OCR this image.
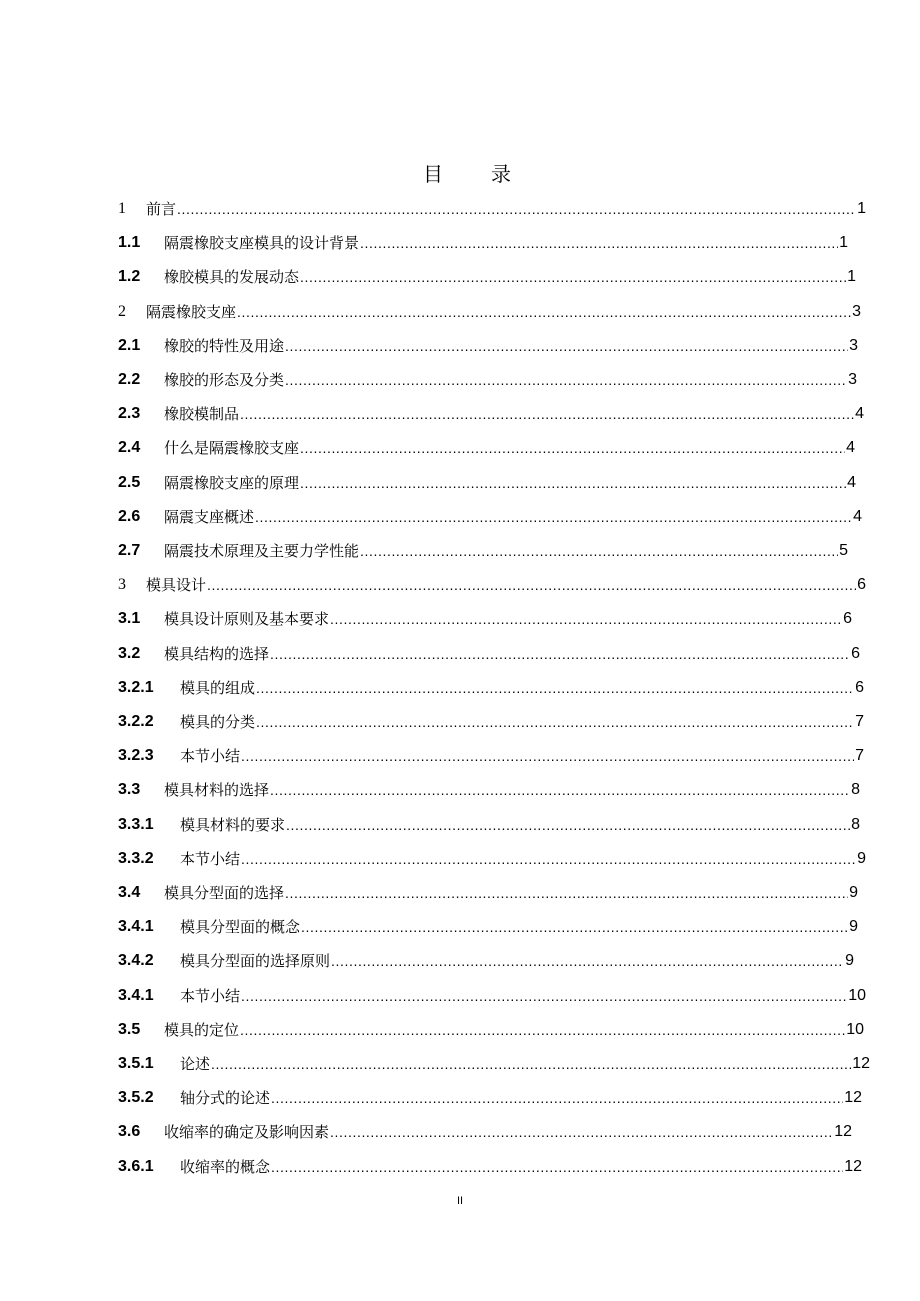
目　录
1	前言 .....	1
1.1	隔震橡胶支座模具的设计背景 .....	1
1.2	橡胶模具的发展动态 .....	1
2	隔震橡胶支座 .....	3
2.1	橡胶的特性及用途 .....	3
2.2	橡胶的形态及分类 .....	3
2.3	橡胶模制品 .....	4
2.4	什么是隔震橡胶支座 .....	4
2.5	隔震橡胶支座的原理 .....	4
2.6	隔震支座概述 .....	4
2.7	隔震技术原理及主要力学性能 .....	5
3	模具设计 .....	6
3.1	模具设计原则及基本要求 .....	6
3.2	模具结构的选择 .....	6
3.2.1	模具的组成 .....	6
3.2.2	模具的分类 .....	7
3.2.3	本节小结 .....	7
3.3	模具材料的选择 .....	8
3.3.1	模具材料的要求 .....	8
3.3.2	本节小结 .....	9
3.4	模具分型面的选择 .....	9
3.4.1	模具分型面的概念 .....	9
3.4.2	模具分型面的选择原则 .....	9
3.4.1	本节小结 .....	10
3.5	模具的定位 .....	10
3.5.1	论述 .....	12
3.5.2	轴分式的论述 .....	12
3.6	收缩率的确定及影响因素 .....	12
3.6.1	收缩率的概念 .....	12
II
